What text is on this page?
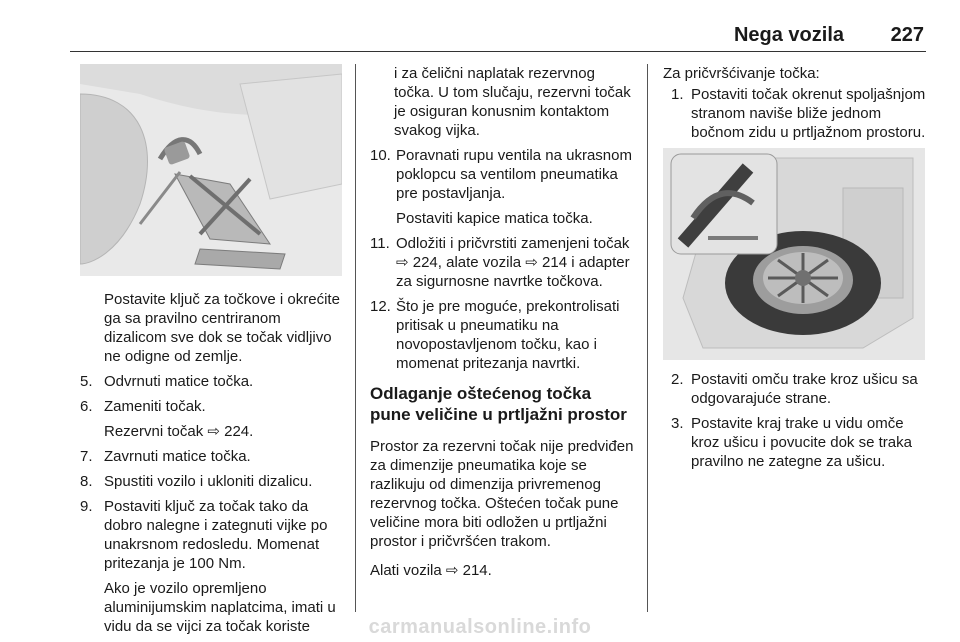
Nega vozila 227

Postavite ključ za točkove i okrećite ga sa pravilno centriranom dizalicom sve dok se točak vidljivo ne odigne od zemlje.

5. Odvrnuti matice točka.
6. Zameniti točak.

Rezervni točak ⇨ 224.

7. Zavrnuti matice točka.
8. Spustiti vozilo i ukloniti dizalicu.
9. Postaviti ključ za točak tako da dobro nalegne i zategnuti vijke po unakrsnom redosledu. Momenat pritezanja je 100 Nm.

Ako je vozilo opremljeno aluminijumskim naplatcima, imati u vidu da se vijci za točak koriste

i za čelični naplatak rezervnog točka. U tom slučaju, rezervni točak je osiguran konusnim kontaktom svakog vijka.

10. Poravnati rupu ventila na ukrasnom poklopcu sa ventilom pneumatika pre postavljanja.

Postaviti kapice matica točka.

11. Odložiti i pričvrstiti zamenjeni točak ⇨ 224, alate vozila ⇨ 214 i adapter za sigurnosne navrtke točkova.
12. Što je pre moguće, prekontrolisati pritisak u pneumatiku na novopostavljenom točku, kao i momenat pritezanja navrtki.
Odlaganje oštećenog točka pune veličine u prtljažni prostor

Prostor za rezervni točak nije predviđen za dimenzije pneumatika koje se razlikuju od dimenzija privremenog rezervnog točka. Oštećen točak pune veličine mora biti odložen u prtljažni prostor i pričvršćen trakom.

Alati vozila ⇨ 214.

Za pričvršćivanje točka:

1. Postaviti točak okrenut spoljašnjom stranom naviše bliže jednom bočnom zidu u prtljažnom prostoru.
2. Postaviti omču trake kroz ušicu sa odgovarajuće strane.
3. Postavite kraj trake u vidu omče kroz ušicu i povucite dok se traka pravilno ne zategne za ušicu.
carmanualsonline.info
